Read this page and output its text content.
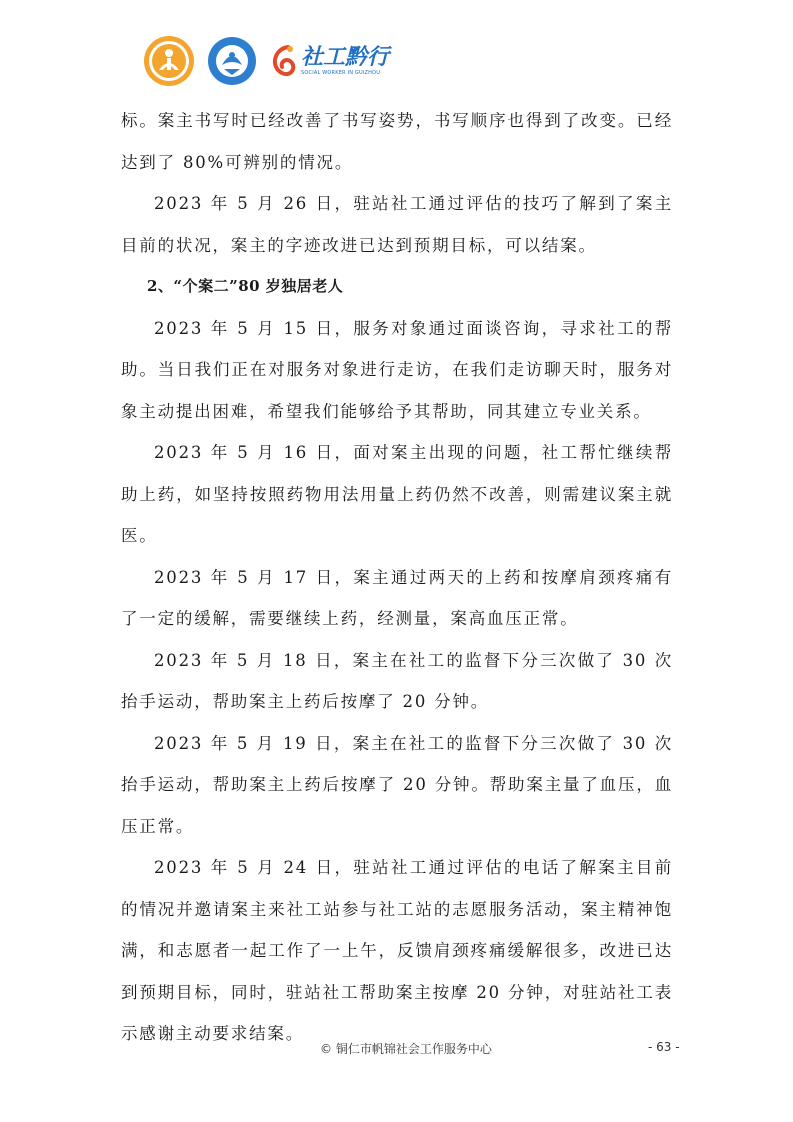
社工黔行
SOCIAL WORKER IN GUIZHOU

标。案主书写时已经改善了书写姿势，书写顺序也得到了改变。已经达到了 80%可辨别的情况。

2023 年 5 月 26 日，驻站社工通过评估的技巧了解到了案主目前的状况，案主的字迹改进已达到预期目标，可以结案。

2、“个案二”80 岁独居老人

2023 年 5 月 15 日，服务对象通过面谈咨询，寻求社工的帮助。当日我们正在对服务对象进行走访，在我们走访聊天时，服务对象主动提出困难，希望我们能够给予其帮助，同其建立专业关系。

2023 年 5 月 16 日，面对案主出现的问题，社工帮忙继续帮助上药，如坚持按照药物用法用量上药仍然不改善，则需建议案主就医。

2023 年 5 月 17 日，案主通过两天的上药和按摩肩颈疼痛有了一定的缓解，需要继续上药，经测量，案高血压正常。

2023 年 5 月 18 日，案主在社工的监督下分三次做了 30 次抬手运动，帮助案主上药后按摩了 20 分钟。

2023 年 5 月 19 日，案主在社工的监督下分三次做了 30 次抬手运动，帮助案主上药后按摩了 20 分钟。帮助案主量了血压，血压正常。

2023 年 5 月 24 日，驻站社工通过评估的电话了解案主目前的情况并邀请案主来社工站参与社工站的志愿服务活动，案主精神饱满，和志愿者一起工作了一上午，反馈肩颈疼痛缓解很多，改进已达到预期目标，同时，驻站社工帮助案主按摩 20 分钟，对驻站社工表示感谢主动要求结案。

© 铜仁市帆锦社会工作服务中心	- 63 -
